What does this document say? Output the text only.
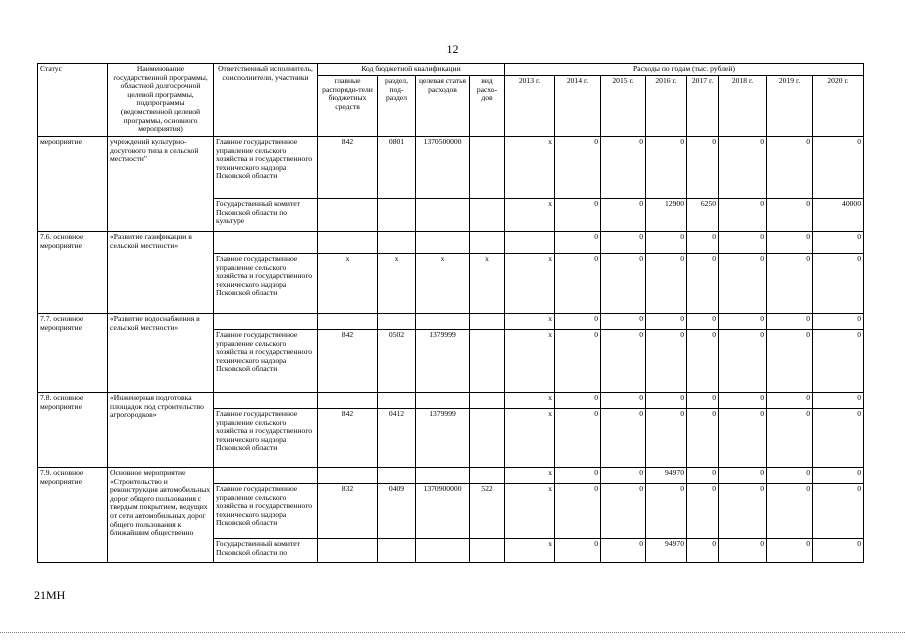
12
Статус	Наименование государственной программы, областной долгосрочной целевой программы, подпрограммы (ведомственной целевой программы, основного мероприятия)	Ответственный исполнитель, соисполнители, участники	Код бюджетной квалификации				Расходы по годам (тыс. рублей)							
			главные распоряди-тели бюджетных средств	раздел, под-раздел	целевая статья расходов	вид расхо-дов	2013 г.	2014 г.	2015 г.	2016 г.	2017 г.	2018 г.	2019 г.	2020 г.
мероприятие	учреждений культурно-досугового типа в сельской местности"	Главное государственное управление сельского хозяйства и государственного технического надзора Псковской области	842	0801	1370500000		х	0	0	0	0	0	0	0
		Государственный комитет Псковской области по культуре					х	0	0	12900	6250	0	0	40000
7.6. основное мероприятие	«Развитие газификации в сельской местности»							0	0	0	0	0	0	0
		Главное государственное управление сельского хозяйства и государственного технического надзора Псковской области	х	х	х	х	х	0	0	0	0	0	0	0
7.7. основное мероприятие	«Развитие водоснабжения в сельской местности»						х	0	0	0	0	0	0	0
		Главное государственное управление сельского хозяйства и государственного технического надзора Псковской области	842	0502	1379999		х	0	0	0	0	0	0	0
7.8. основное мероприятие	«Инженерная подготовка площадок под строительство агрогородков»						х	0	0	0	0	0	0	0
		Главное государственное управление сельского хозяйства и государственного технического надзора Псковской области	842	0412	1379999		х	0	0	0	0	0	0	0
7.9. основное мероприятие	Основное мероприятие «Строительство и реконструкция автомобильных дорог общего пользования с твердым покрытием, ведущих от сети автомобильных дорог общего пользования к ближайшим общественно						х	0	0	94970	0	0	0	0
		Главное государственное управление сельского хозяйства и государственного технического надзора Псковской области	832	0409	1370900000	522	х	0	0	0	0	0	0	0
		Государственный комитет Псковской области по					х	0	0	94970	0	0	0	0
21МН
